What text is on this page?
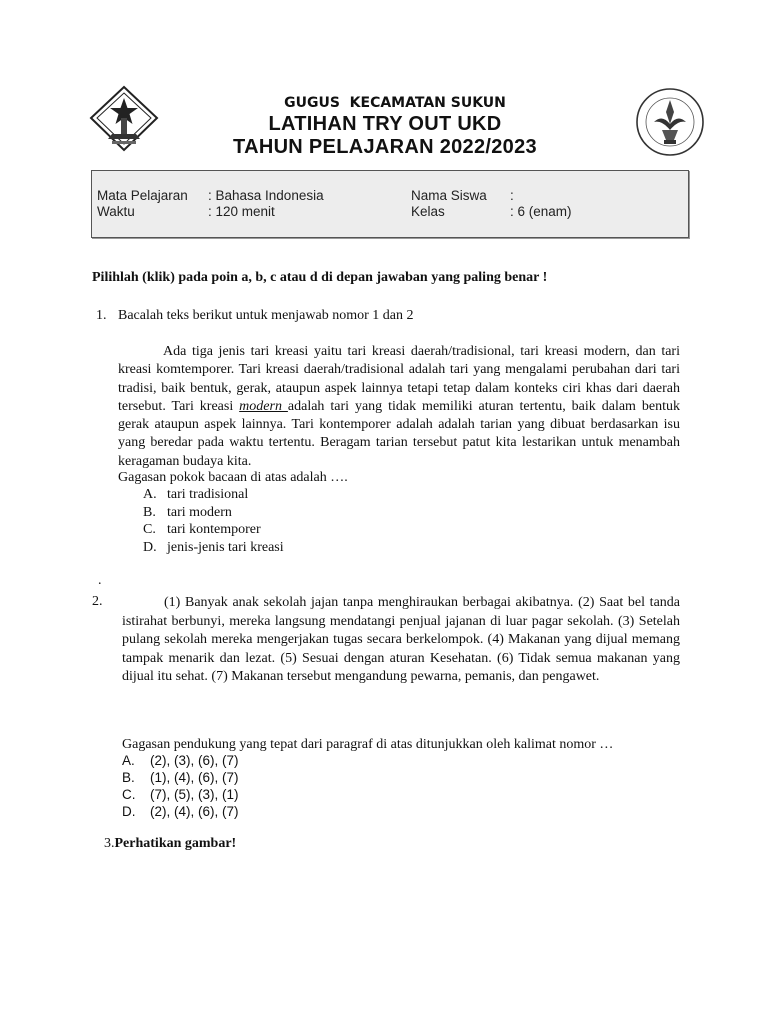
GUGUS  KECAMATAN SUKUN
LATIHAN TRY OUT UKD
TAHUN PELAJARAN 2022/2023
Mata Pelajaran : Bahasa Indonesia
Waktu	: 120 menit
Nama Siswa :
Kelas	: 6 (enam)
Pilihlah (klik) pada poin a, b, c atau d di depan jawaban yang paling benar !
1. Bacalah teks berikut untuk menjawab nomor 1 dan 2

Ada tiga jenis tari kreasi yaitu tari kreasi daerah/tradisional, tari kreasi modern, dan tari kreasi komtemporer. Tari kreasi daerah/tradisional adalah tari yang mengalami perubahan dari tari tradisi, baik bentuk, gerak, ataupun aspek lainnya tetapi tetap dalam konteks ciri khas dari daerah tersebut. Tari kreasi modern adalah tari yang tidak memiliki aturan tertentu, baik dalam bentuk gerak ataupun aspek lainnya. Tari kontemporer adalah adalah tarian yang dibuat berdasarkan isu yang beredar pada waktu tertentu. Beragam tarian tersebut patut kita lestarikan untuk menambah keragaman budaya kita.

Gagasan pokok bacaan di atas adalah ….
A. tari tradisional
B. tari modern
C. tari kontemporer
D. jenis-jenis tari kreasi
.
2.	(1) Banyak anak sekolah jajan tanpa menghiraukan berbagai akibatnya. (2) Saat bel tanda istirahat berbunyi, mereka langsung mendatangi penjual jajanan di luar pagar sekolah. (3) Setelah pulang sekolah mereka mengerjakan tugas secara berkelompok. (4) Makanan yang dijual memang tampak menarik dan lezat. (5) Sesuai dengan aturan Kesehatan. (6) Tidak semua makanan yang dijual itu sehat. (7) Makanan tersebut mengandung pewarna, pemanis, dan pengawet.

Gagasan pendukung yang tepat dari paragraf di atas ditunjukkan oleh kalimat nomor …
A. (2), (3), (6), (7)
B. (1), (4), (6), (7)
C. (7), (5), (3), (1)
D. (2), (4), (6), (7)
3.Perhatikan gambar!
